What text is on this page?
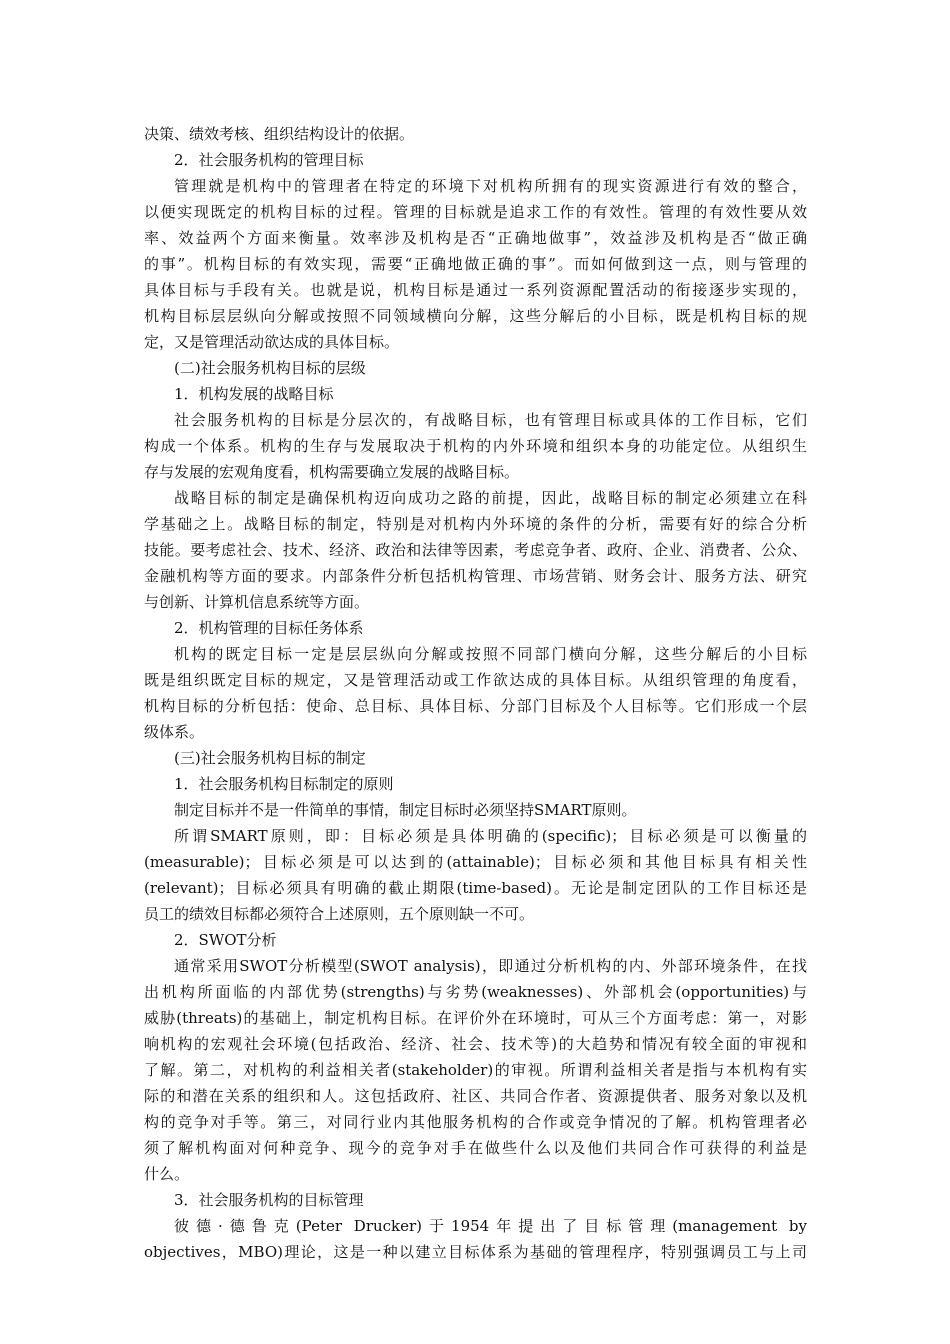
决策、绩效考核、组织结构设计的依据。
2．社会服务机构的管理目标
管理就是机构中的管理者在特定的环境下对机构所拥有的现实资源进行有效的整合，
以便实现既定的机构目标的过程。管理的目标就是追求工作的有效性。管理的有效性要从效
率、效益两个方面来衡量。效率涉及机构是否“正确地做事”，效益涉及机构是否“做正确
的事”。机构目标的有效实现，需要“正确地做正确的事”。而如何做到这一点，则与管理的
具体目标与手段有关。也就是说，机构目标是通过一系列资源配置活动的衔接逐步实现的，
机构目标层层纵向分解或按照不同领域横向分解，这些分解后的小目标，既是机构目标的规
定，又是管理活动欲达成的具体目标。
(二)社会服务机构目标的层级
1．机构发展的战略目标
社会服务机构的目标是分层次的，有战略目标，也有管理目标或具体的工作目标，它们
构成一个体系。机构的生存与发展取决于机构的内外环境和组织本身的功能定位。从组织生
存与发展的宏观角度看，机构需要确立发展的战略目标。
战略目标的制定是确保机构迈向成功之路的前提，因此，战略目标的制定必须建立在科
学基础之上。战略目标的制定，特别是对机构内外环境的条件的分析，需要有好的综合分析
技能。要考虑社会、技术、经济、政治和法律等因素，考虑竞争者、政府、企业、消费者、公众、
金融机构等方面的要求。内部条件分析包括机构管理、市场营销、财务会计、服务方法、研究
与创新、计算机信息系统等方面。
2．机构管理的目标任务体系
机构的既定目标一定是层层纵向分解或按照不同部门横向分解，这些分解后的小目标
既是组织既定目标的规定，又是管理活动或工作欲达成的具体目标。从组织管理的角度看，
机构目标的分析包括：使命、总目标、具体目标、分部门目标及个人目标等。它们形成一个层
级体系。
(三)社会服务机构目标的制定
1．社会服务机构目标制定的原则
制定目标并不是一件简单的事情，制定目标时必须坚持SMART原则。
所谓SMART原则，即：目标必须是具体明确的(specific)；目标必须是可以衡量的
(measurable)；目标必须是可以达到的(attainable)；目标必须和其他目标具有相关性
(relevant)；目标必须具有明确的截止期限(time-based)。无论是制定团队的工作目标还是
员工的绩效目标都必须符合上述原则，五个原则缺一不可。
2．SWOT分析
通常采用SWOT分析模型(SWOT analysis)，即通过分析机构的内、外部环境条件，在找
出机构所面临的内部优势(strengths)与劣势(weaknesses)、外部机会(opportunities)与
威胁(threats)的基础上，制定机构目标。在评价外在环境时，可从三个方面考虑：第一，对影
响机构的宏观社会环境(包括政治、经济、社会、技术等)的大趋势和情况有较全面的审视和
了解。第二，对机构的利益相关者(stakeholder)的审视。所谓利益相关者是指与本机构有实
际的和潜在关系的组织和人。这包括政府、社区、共同合作者、资源提供者、服务对象以及机
构的竞争对手等。第三，对同行业内其他服务机构的合作或竞争情况的了解。机构管理者必
须了解机构面对何种竞争、现今的竞争对手在做些什么以及他们共同合作可获得的利益是
什么。
3．社会服务机构的目标管理
彼德·德鲁克(Peter Drucker)于1954年提出了目标管理(management by
objectives，MBO)理论，这是一种以建立目标体系为基础的管理程序，特别强调员工与上司
